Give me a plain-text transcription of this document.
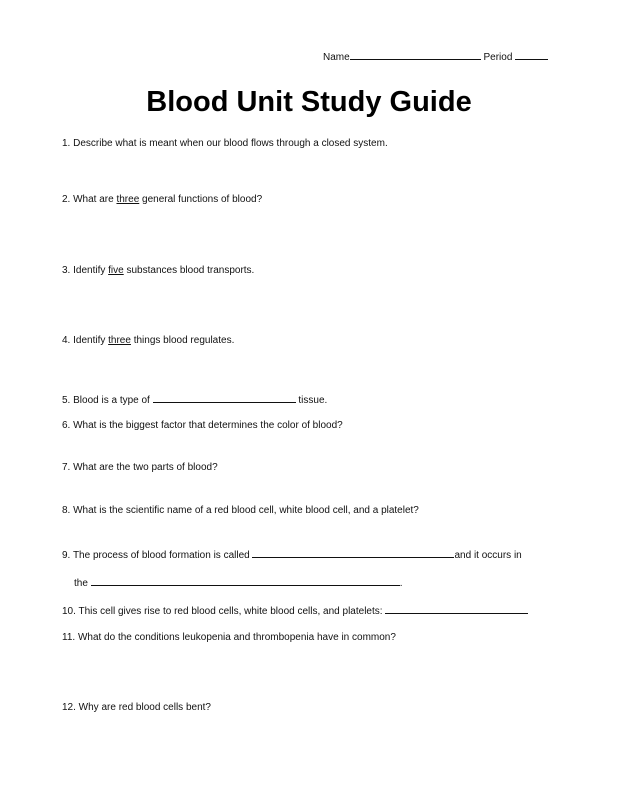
Name	Period
Blood Unit Study Guide
1. Describe what is meant when our blood flows through a closed system.
2. What are three general functions of blood?
3. Identify five substances blood transports.
4. Identify three things blood regulates.
5. Blood is a type of	tissue.
6. What is the biggest factor that determines the color of blood?
7. What are the two parts of blood?
8. What is the scientific name of a red blood cell, white blood cell, and a platelet?
9. The process of blood formation is called	and it occurs in
the	.
10. This cell gives rise to red blood cells, white blood cells, and platelets:
11. What do the conditions leukopenia and thrombopenia have in common?
12. Why are red blood cells bent?
